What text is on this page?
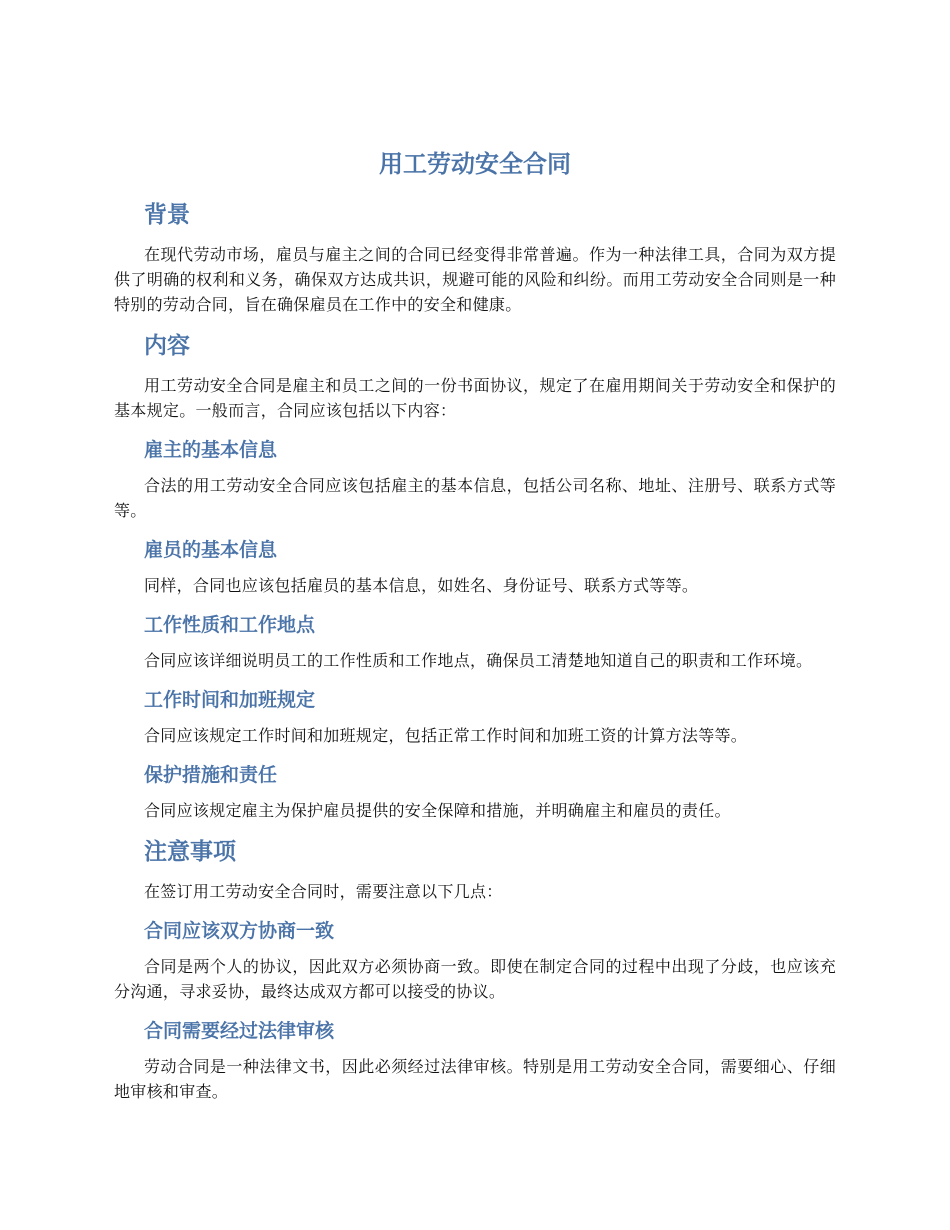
用工劳动安全合同
背景

在现代劳动市场，雇员与雇主之间的合同已经变得非常普遍。作为一种法律工具，合同为双方提供了明确的权利和义务，确保双方达成共识，规避可能的风险和纠纷。而用工劳动安全合同则是一种特别的劳动合同，旨在确保雇员在工作中的安全和健康。

内容

用工劳动安全合同是雇主和员工之间的一份书面协议，规定了在雇用期间关于劳动安全和保护的基本规定。一般而言，合同应该包括以下内容：

雇主的基本信息

合法的用工劳动安全合同应该包括雇主的基本信息，包括公司名称、地址、注册号、联系方式等等。

雇员的基本信息

同样，合同也应该包括雇员的基本信息，如姓名、身份证号、联系方式等等。

工作性质和工作地点

合同应该详细说明员工的工作性质和工作地点，确保员工清楚地知道自己的职责和工作环境。

工作时间和加班规定

合同应该规定工作时间和加班规定，包括正常工作时间和加班工资的计算方法等等。

保护措施和责任

合同应该规定雇主为保护雇员提供的安全保障和措施，并明确雇主和雇员的责任。

注意事项

在签订用工劳动安全合同时，需要注意以下几点：

合同应该双方协商一致

合同是两个人的协议，因此双方必须协商一致。即使在制定合同的过程中出现了分歧，也应该充分沟通，寻求妥协，最终达成双方都可以接受的协议。

合同需要经过法律审核

劳动合同是一种法律文书，因此必须经过法律审核。特别是用工劳动安全合同，需要细心、仔细地审核和审查。
